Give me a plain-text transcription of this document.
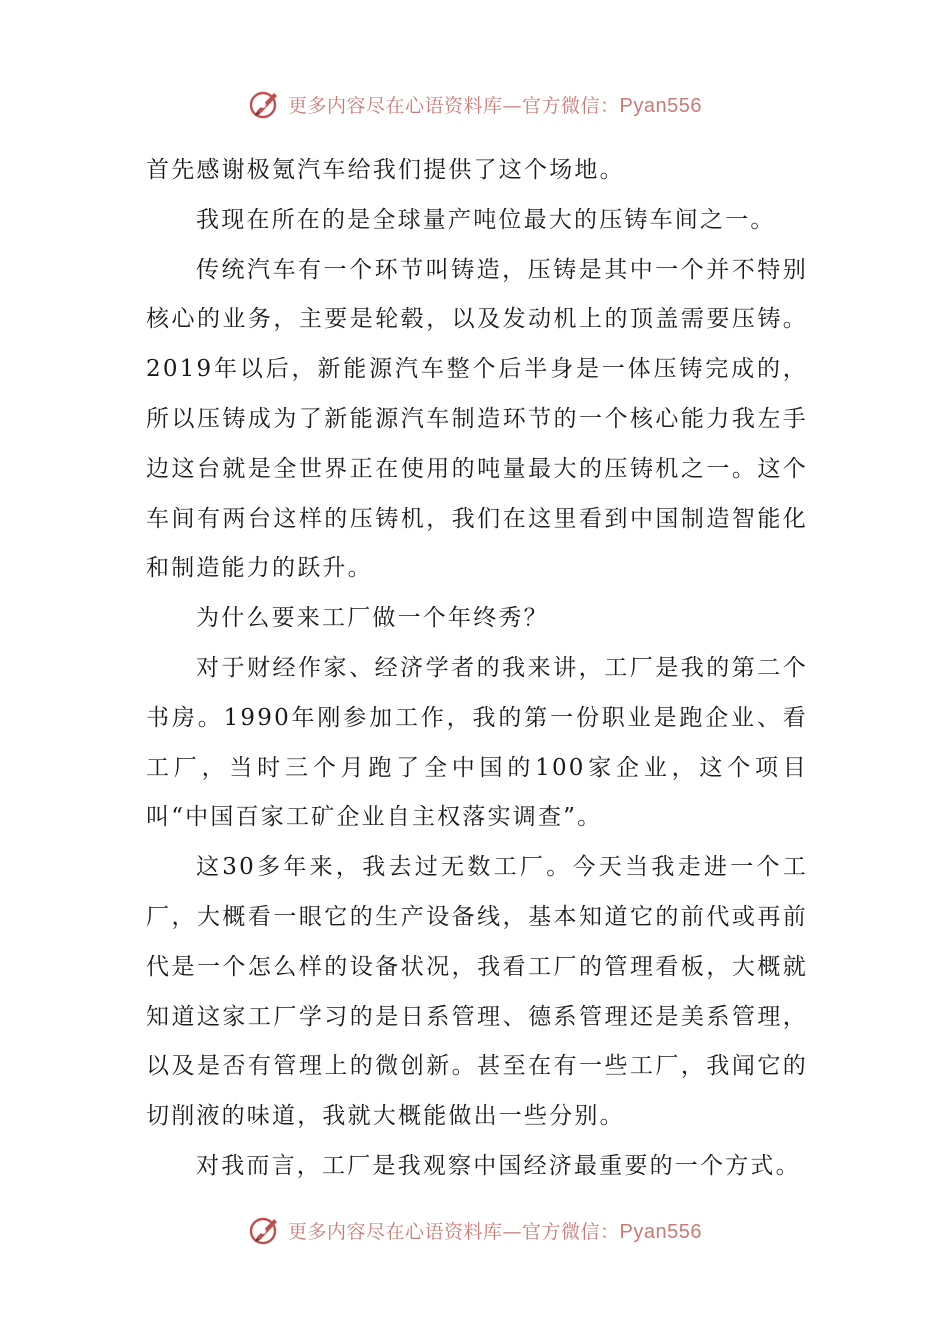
更多内容尽在心语资料库—官方微信：Pyan556

首先感谢极氪汽车给我们提供了这个场地。

我现在所在的是全球量产吨位最大的压铸车间之一。

传统汽车有一个环节叫铸造，压铸是其中一个并不特别核心的业务，主要是轮毂，以及发动机上的顶盖需要压铸。2019年以后，新能源汽车整个后半身是一体压铸完成的，所以压铸成为了新能源汽车制造环节的一个核心能力我左手边这台就是全世界正在使用的吨量最大的压铸机之一。这个车间有两台这样的压铸机，我们在这里看到中国制造智能化和制造能力的跃升。

为什么要来工厂做一个年终秀？

对于财经作家、经济学者的我来讲，工厂是我的第二个书房。1990年刚参加工作，我的第一份职业是跑企业、看工厂，当时三个月跑了全中国的100家企业，这个项目叫“中国百家工矿企业自主权落实调查”。

这30多年来，我去过无数工厂。今天当我走进一个工厂，大概看一眼它的生产设备线，基本知道它的前代或再前代是一个怎么样的设备状况，我看工厂的管理看板，大概就知道这家工厂学习的是日系管理、德系管理还是美系管理，以及是否有管理上的微创新。甚至在有一些工厂，我闻它的切削液的味道，我就大概能做出一些分别。

对我而言，工厂是我观察中国经济最重要的一个方式。

更多内容尽在心语资料库—官方微信：Pyan556
